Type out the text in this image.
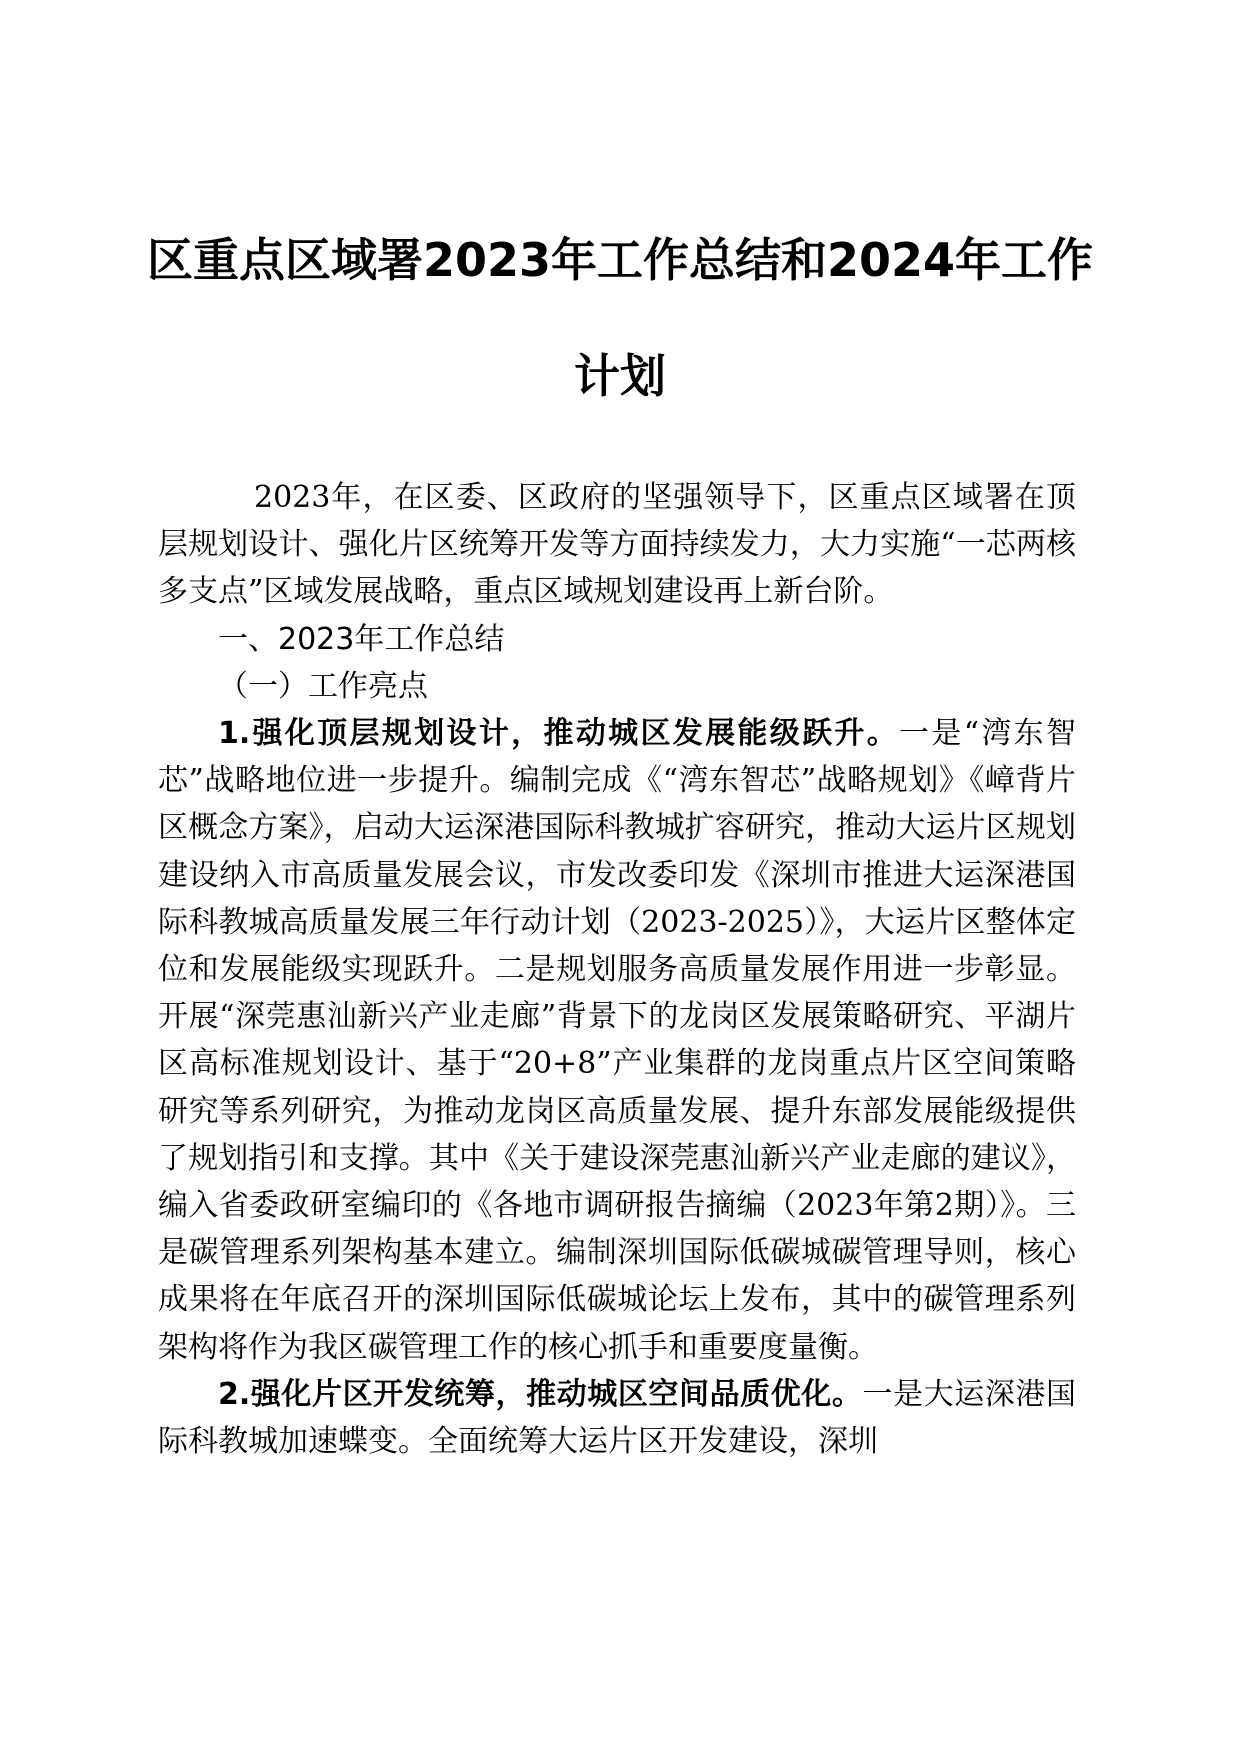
区重点区域署2023年工作总结和2024年工作
计划

2023年，在区委、区政府的坚强领导下，区重点区域署在顶层规划设计、强化片区统筹开发等方面持续发力，大力实施“一芯两核多支点”区域发展战略，重点区域规划建设再上新台阶。

一、2023年工作总结

（一）工作亮点

1.强化顶层规划设计，推动城区发展能级跃升。一是“湾东智芯”战略地位进一步提升。编制完成《“湾东智芯”战略规划》《嶂背片区概念方案》，启动大运深港国际科教城扩容研究，推动大运片区规划建设纳入市高质量发展会议，市发改委印发《深圳市推进大运深港国际科教城高质量发展三年行动计划（2023-2025）》，大运片区整体定位和发展能级实现跃升。二是规划服务高质量发展作用进一步彰显。开展“深莞惠汕新兴产业走廊”背景下的龙岗区发展策略研究、平湖片区高标准规划设计、基于“20+8”产业集群的龙岗重点片区空间策略研究等系列研究，为推动龙岗区高质量发展、提升东部发展能级提供了规划指引和支撑。其中《关于建设深莞惠汕新兴产业走廊的建议》，编入省委政研室编印的《各地市调研报告摘编（2023年第2期）》。三是碳管理系列架构基本建立。编制深圳国际低碳城碳管理导则，核心成果将在年底召开的深圳国际低碳城论坛上发布，其中的碳管理系列架构将作为我区碳管理工作的核心抓手和重要度量衡。

2.强化片区开发统筹，推动城区空间品质优化。一是大运深港国际科教城加速蝶变。全面统筹大运片区开发建设，深圳
